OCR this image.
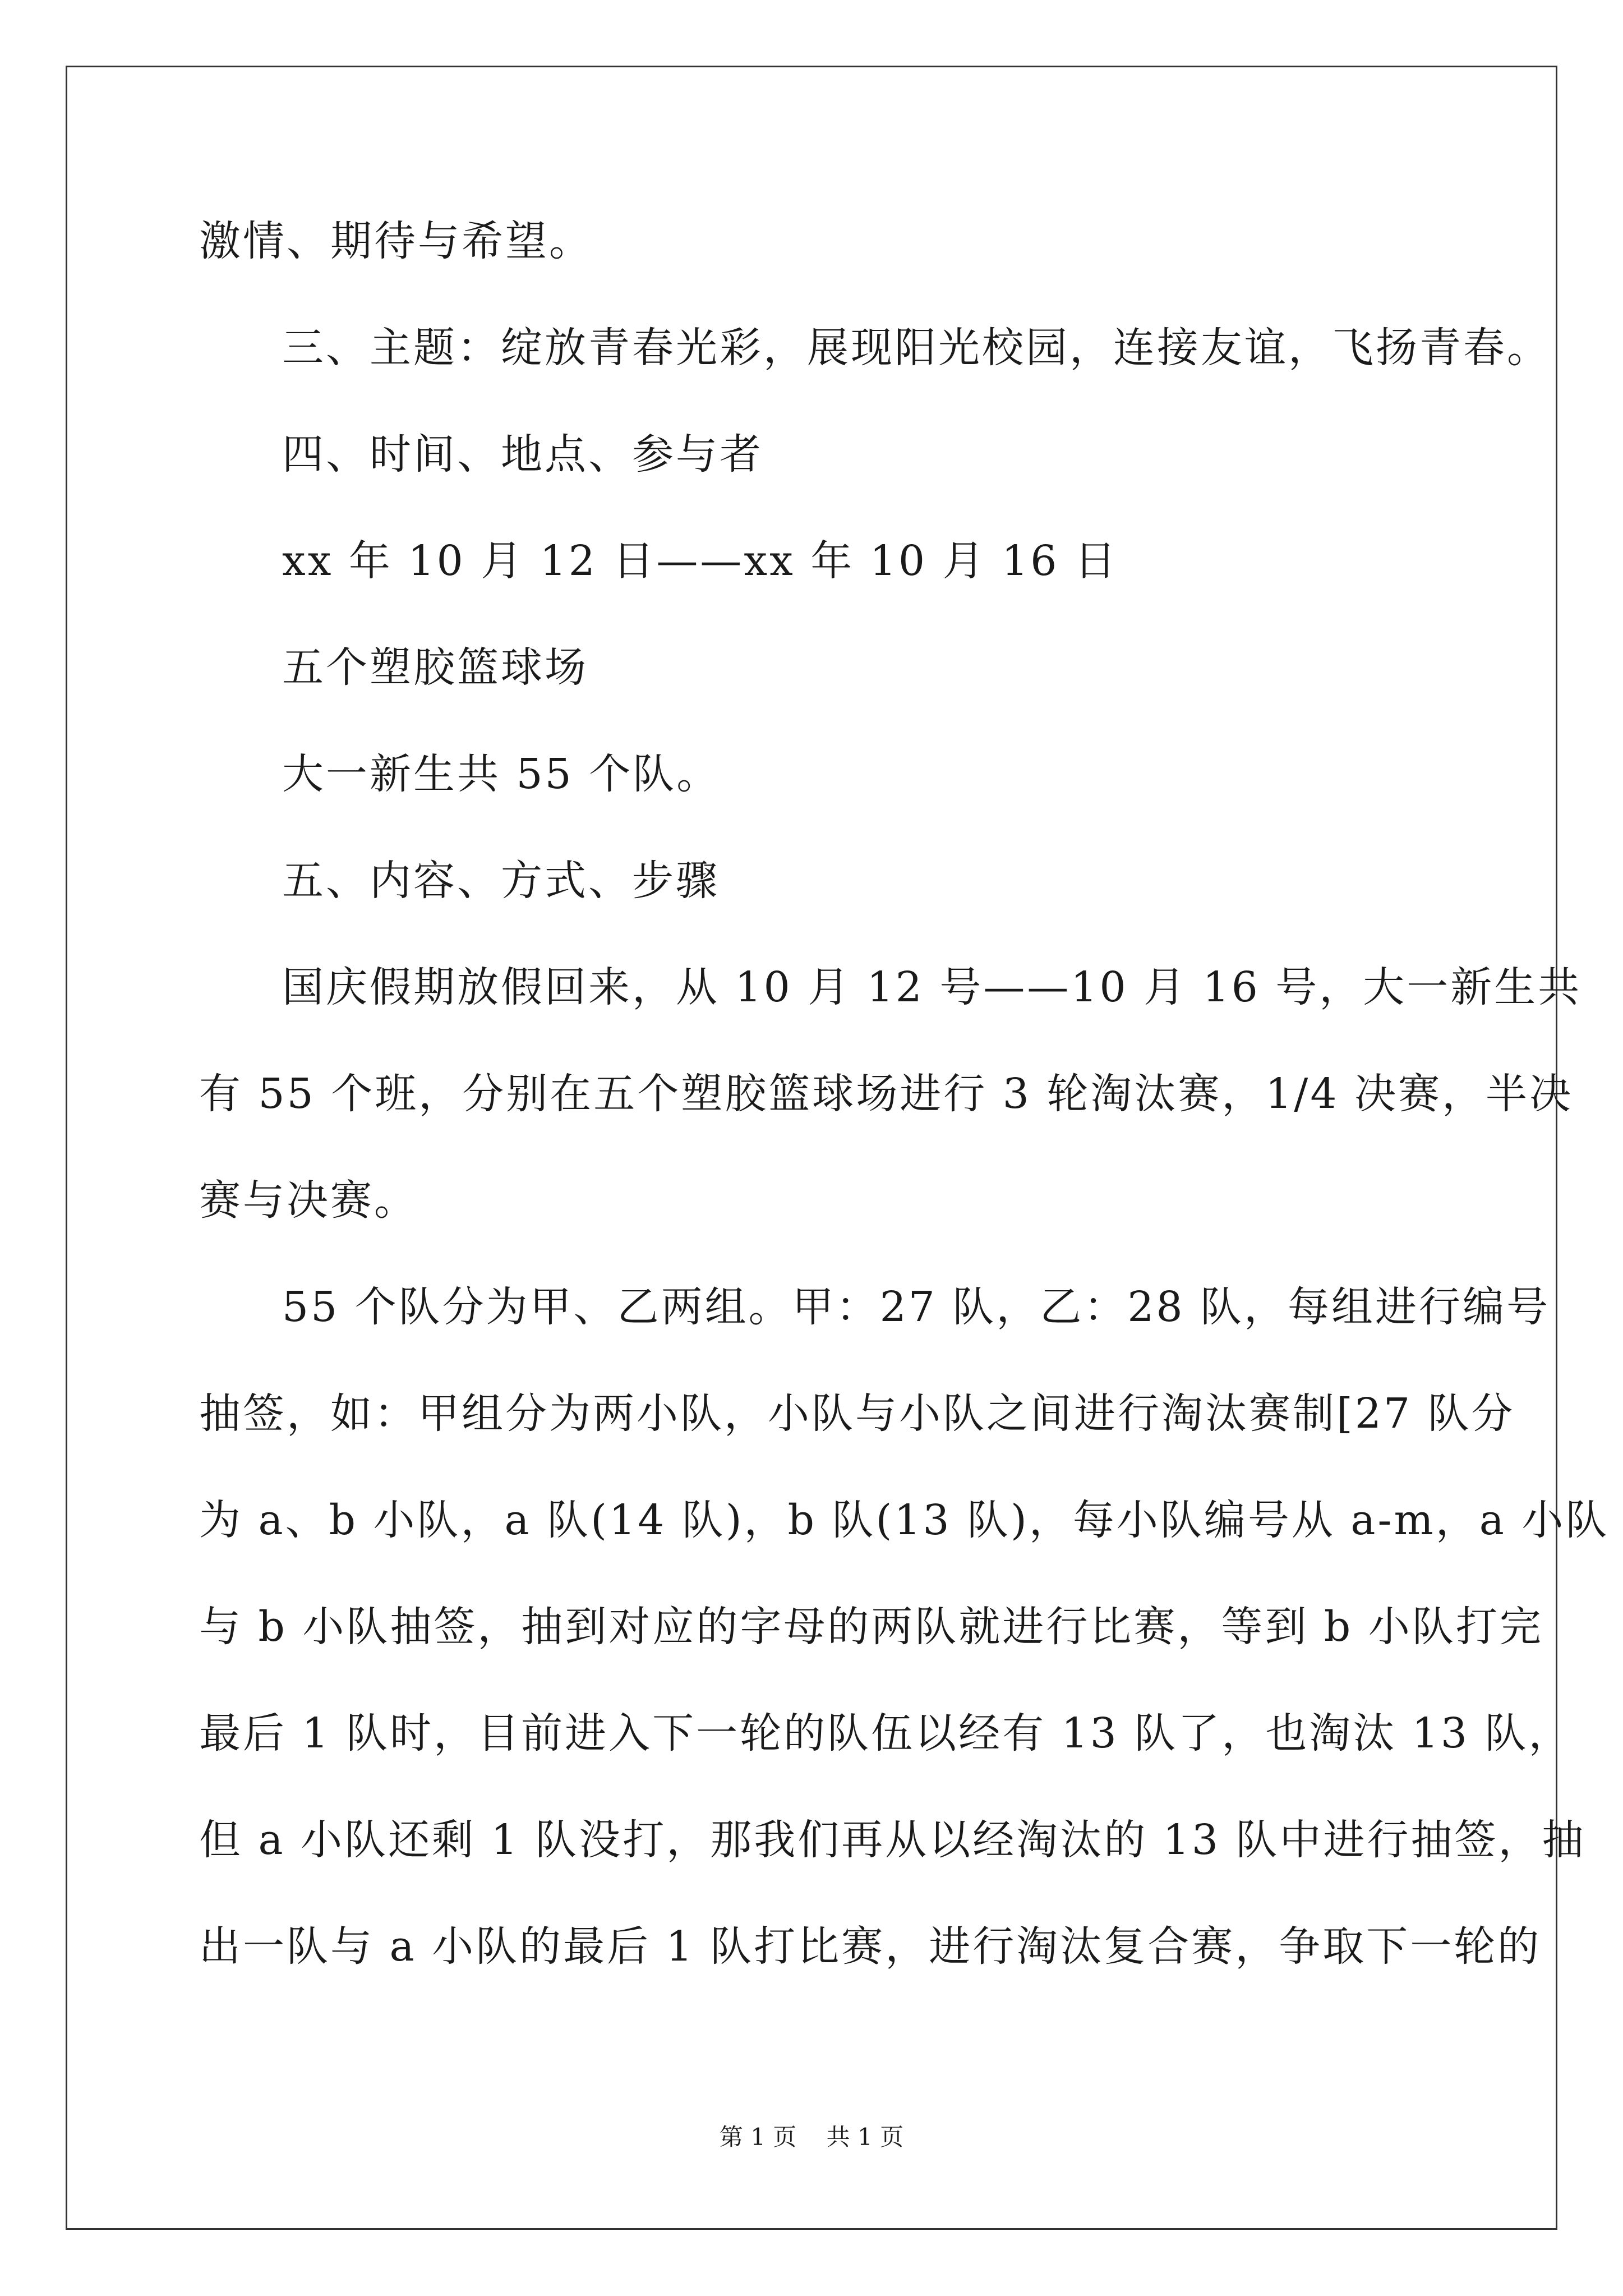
激情、期待与希望。
三、主题：绽放青春光彩，展现阳光校园，连接友谊，飞扬青春。
四、时间、地点、参与者
xx 年 10 月 12 日——xx 年 10 月 16 日
五个塑胶篮球场
大一新生共 55 个队。
五、内容、方式、步骤
国庆假期放假回来，从 10 月 12 号——10 月 16 号，大一新生共
有 55 个班，分别在五个塑胶篮球场进行 3 轮淘汰赛，1/4 决赛，半决
赛与决赛。
55 个队分为甲、乙两组。甲：27 队，乙：28 队，每组进行编号
抽签，如：甲组分为两小队，小队与小队之间进行淘汰赛制[27 队分
为 a、b 小队，a 队(14 队)，b 队(13 队)，每小队编号从 a-m，a 小队
与 b 小队抽签，抽到对应的字母的两队就进行比赛，等到 b 小队打完
最后 1 队时，目前进入下一轮的队伍以经有 13 队了，也淘汰 13 队，
但 a 小队还剩 1 队没打，那我们再从以经淘汰的 13 队中进行抽签，抽
出一队与 a 小队的最后 1 队打比赛，进行淘汰复合赛，争取下一轮的
第 1 页 共 1 页
